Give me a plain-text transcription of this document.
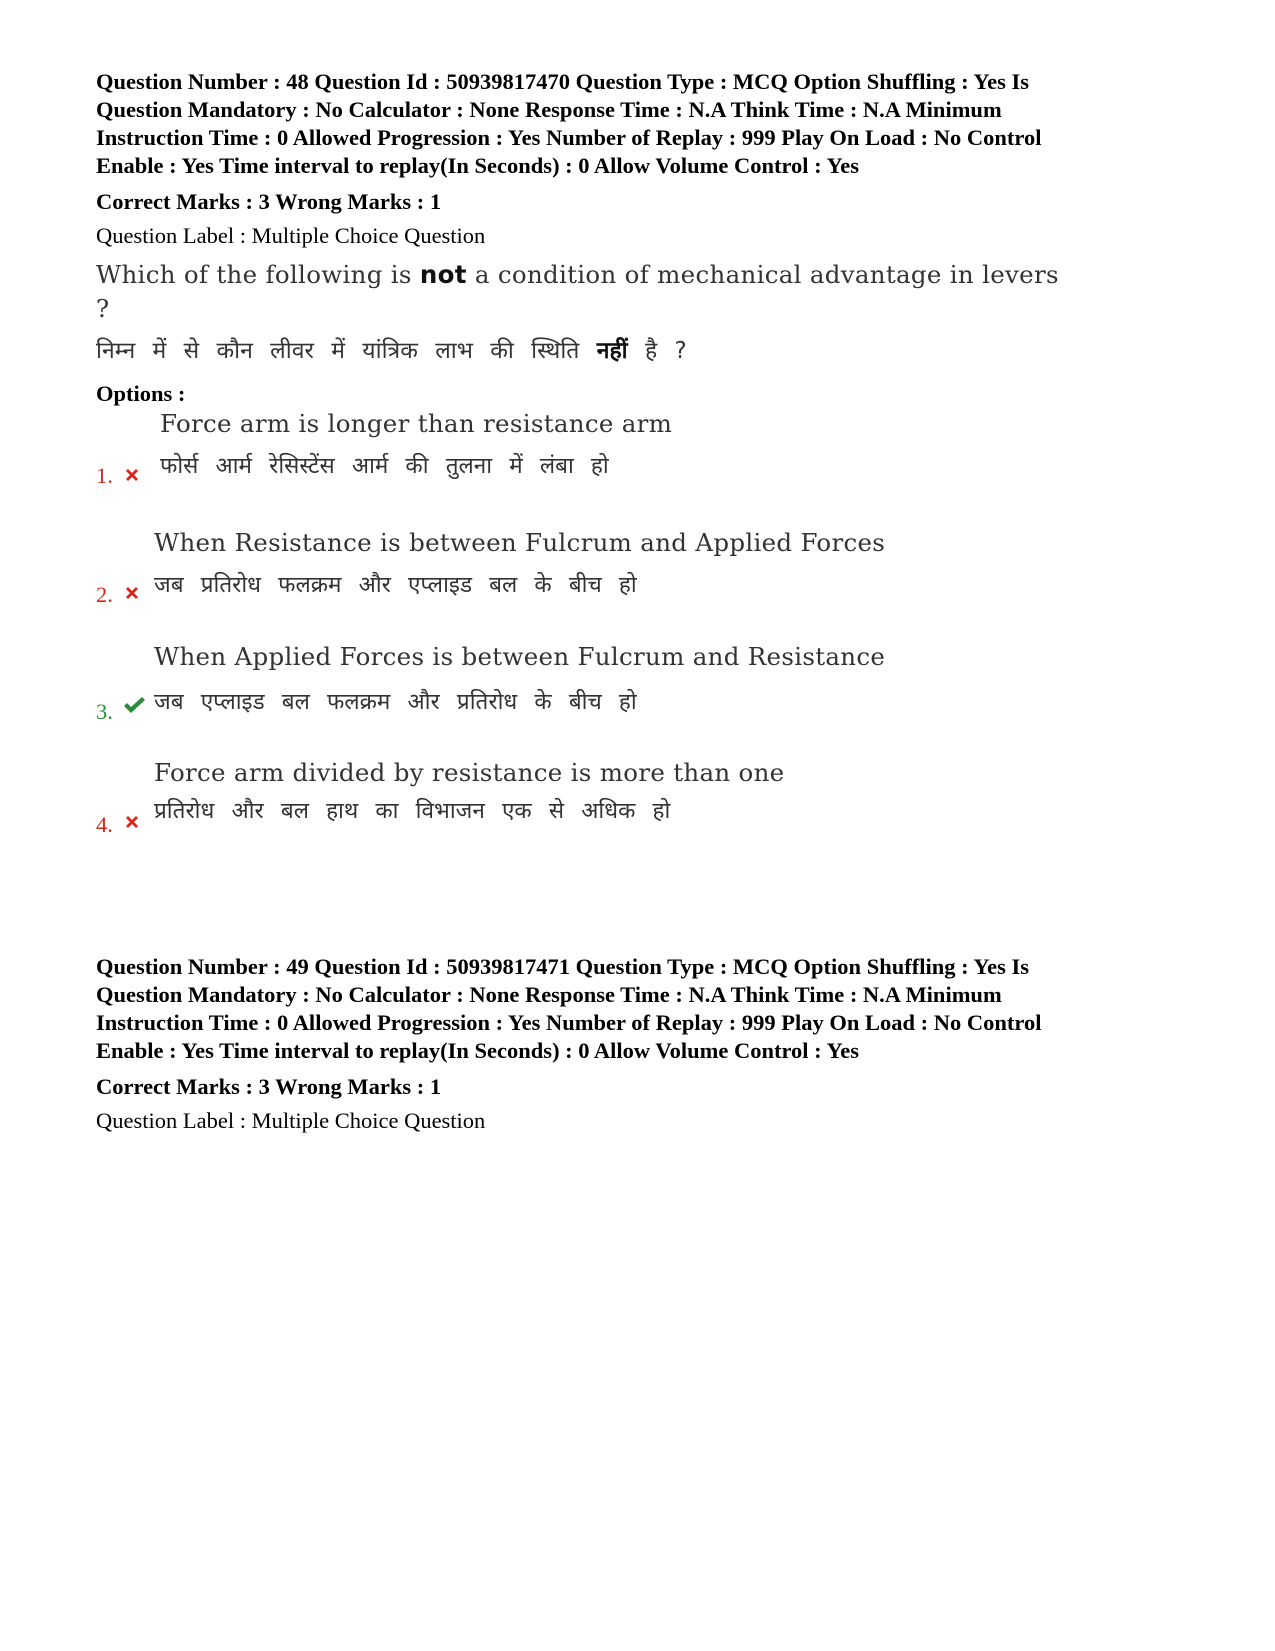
Question Number : 48 Question Id : 50939817470 Question Type : MCQ Option Shuffling : Yes Is

Question Mandatory : No Calculator : None Response Time : N.A Think Time : N.A Minimum

Instruction Time : 0 Allowed Progression : Yes Number of Replay : 999 Play On Load : No Control

Enable : Yes Time interval to replay(In Seconds) : 0 Allow Volume Control : Yes

Correct Marks : 3 Wrong Marks : 1
Question Label : Multiple Choice Question
Which of the following is not a condition of mechanical advantage in levers ?
निम्न में से कौन लीवर में यांत्रिक लाभ की स्थिति नहीं है ?
Options :
Force arm is longer than resistance arm
1. फोर्स आर्म रेसिस्टेंस आर्म की तुलना में लंबा हो
When Resistance is between Fulcrum and Applied Forces
2. जब प्रतिरोध फलक्रम और एप्लाइड बल के बीच हो
When Applied Forces is between Fulcrum and Resistance
3. जब एप्लाइड बल फलक्रम और प्रतिरोध के बीच हो
Force arm divided by resistance is more than one
4.
प्रतिरोध और बल हाथ का विभाजन एक से अधिक हो

Question Number : 49 Question Id : 50939817471 Question Type : MCQ Option Shuffling : Yes Is

Question Mandatory : No Calculator : None Response Time : N.A Think Time : N.A Minimum

Instruction Time : 0 Allowed Progression : Yes Number of Replay : 999 Play On Load : No Control

Enable : Yes Time interval to replay(In Seconds) : 0 Allow Volume Control : Yes

Correct Marks : 3 Wrong Marks : 1
Question Label : Multiple Choice Question
